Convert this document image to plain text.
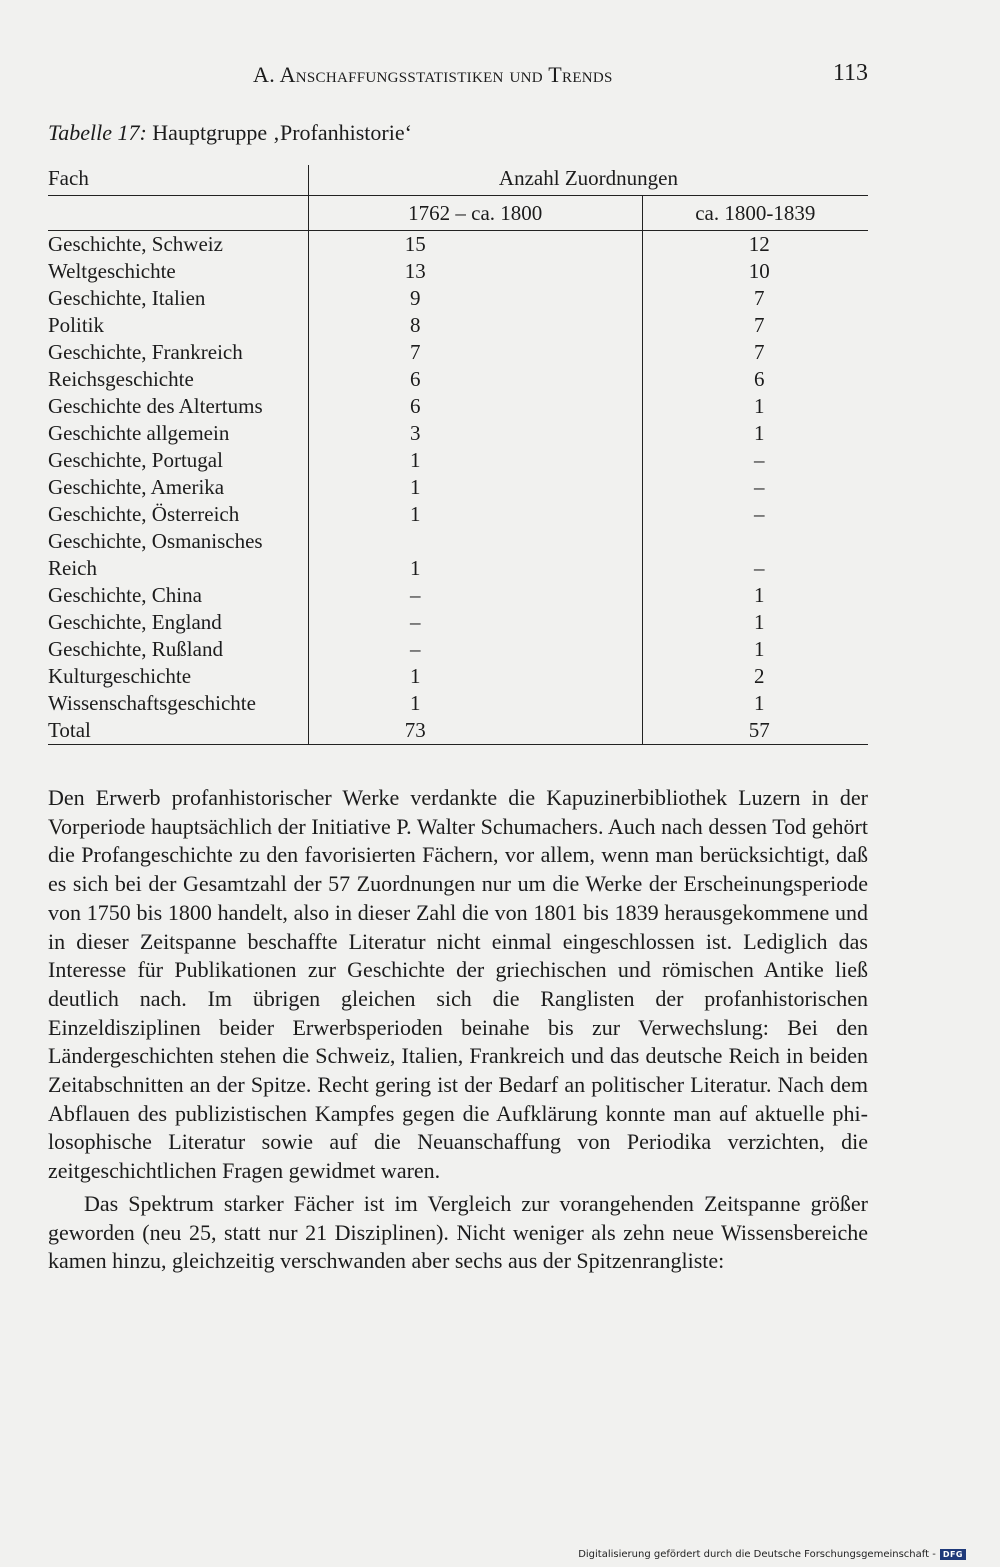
A. Anschaffungsstatistiken und Trends	113
Tabelle 17: Hauptgruppe ‚Profanhistorie‘
Fach	Anzahl Zuordnungen	
	1762 – ca. 1800	ca. 1800-1839
Geschichte, Schweiz	15	12
Weltgeschichte	13	10
Geschichte, Italien	9	7
Politik	8	7
Geschichte, Frankreich	7	7
Reichsgeschichte	6	6
Geschichte des Altertums	6	1
Geschichte allgemein	3	1
Geschichte, Portugal	1	–
Geschichte, Amerika	1	–
Geschichte, Österreich	1	–
Geschichte, Osmanisches		
Reich	1	–
Geschichte, China	–	1
Geschichte, England	–	1
Geschichte, Rußland	–	1
Kulturgeschichte	1	2
Wissenschaftsgeschichte	1	1
Total	73	57

Den Erwerb profanhistorischer Werke verdankte die Kapuzinerbibliothek Luzern in der Vorperiode hauptsächlich der Initiative P. Walter Schumachers. Auch nach dessen Tod gehört die Profangeschichte zu den favorisierten Fächern, vor allem, wenn man berücksichtigt, daß es sich bei der Gesamtzahl der 57 Zuordnungen nur um die Werke der Erscheinungsperiode von 1750 bis 1800 handelt, also in dieser Zahl die von 1801 bis 1839 herausgekommene und in dieser Zeitspanne beschaffte Literatur nicht einmal eingeschlossen ist. Lediglich das Interesse für Publikationen zur Geschichte der griechischen und römischen Antike ließ deutlich nach. Im übrigen gleichen sich die Ranglisten der profanhistorischen Einzeldisziplinen beider Erwerbsperioden beinahe bis zur Verwechslung: Bei den Ländergeschichten stehen die Schweiz, Italien, Frankreich und das deutsche Reich in beiden Zeitabschnitten an der Spitze. Recht gering ist der Bedarf an politischer Literatur. Nach dem Abflauen des publizistischen Kampfes gegen die Aufklärung konnte man auf aktuelle philosophische Literatur sowie auf die Neuanschaffung von Periodika verzichten, die zeitgeschichtlichen Fragen gewidmet waren.

Das Spektrum starker Fächer ist im Vergleich zur vorangehenden Zeitspanne größer geworden (neu 25, statt nur 21 Disziplinen). Nicht weniger als zehn neue Wissensbereiche kamen hinzu, gleichzeitig verschwanden aber sechs aus der Spitzenrangliste:

Digitalisierung gefördert durch die Deutsche Forschungsgemeinschaft - DFG
